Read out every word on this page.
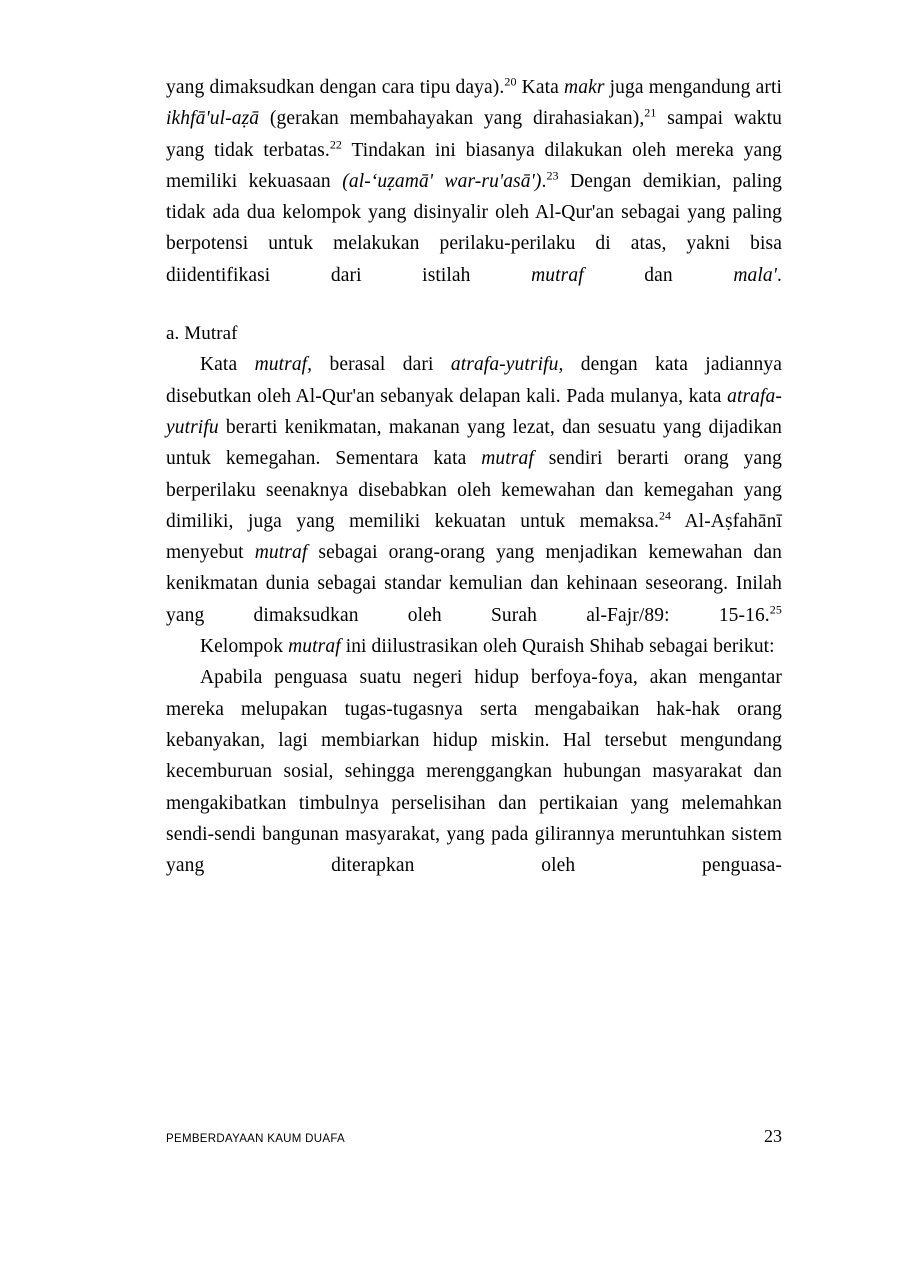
yang dimaksudkan dengan cara tipu daya).$^{20}$ Kata makr juga mengandung arti ikhfā'ul-aẓā (gerakan membahayakan yang dirahasiakan),$^{21}$ sampai waktu yang tidak terbatas.$^{22}$ Tindakan ini biasanya dilakukan oleh mereka yang memiliki kekuasaan (al-ʻuẓamā' war-ru'asā').$^{23}$ Dengan demikian, paling tidak ada dua kelompok yang disinyalir oleh Al-Qur'an sebagai yang paling berpotensi untuk melakukan perilaku-perilaku di atas, yakni bisa diidentifikasi dari istilah mutraf dan mala'.

a. Mutraf

Kata mutraf, berasal dari atrafa-yutrifu, dengan kata jadiannya disebutkan oleh Al-Qur'an sebanyak delapan kali. Pada mulanya, kata atrafa-yutrifu berarti kenikmatan, makanan yang lezat, dan sesuatu yang dijadikan untuk kemegahan. Sementara kata mutraf sendiri berarti orang yang berperilaku seenaknya disebabkan oleh kemewahan dan kemegahan yang dimiliki, juga yang memiliki kekuatan untuk memaksa.$^{24}$ Al-Aṣfahānī menyebut mutraf sebagai orang-orang yang menjadikan kemewahan dan kenikmatan dunia sebagai standar kemulian dan kehinaan seseorang. Inilah yang dimaksudkan oleh Surah al-Fajr/89: 15-16.25

Kelompok mutraf ini diilustrasikan oleh Quraish Shihab sebagai berikut:

Apabila penguasa suatu negeri hidup berfoya-foya, akan mengantar mereka melupakan tugas-tugasnya serta mengabaikan hak-hak orang kebanyakan, lagi membiarkan hidup miskin. Hal tersebut mengundang kecemburuan sosial, sehingga merenggangkan hubungan masyarakat dan mengakibatkan timbulnya perselisihan dan pertikaian yang melemahkan sendi-sendi bangunan masyarakat, yang pada gilirannya meruntuhkan sistem yang diterapkan oleh penguasa-

PEMBERDAYAAN KAUM DUAFA	23
